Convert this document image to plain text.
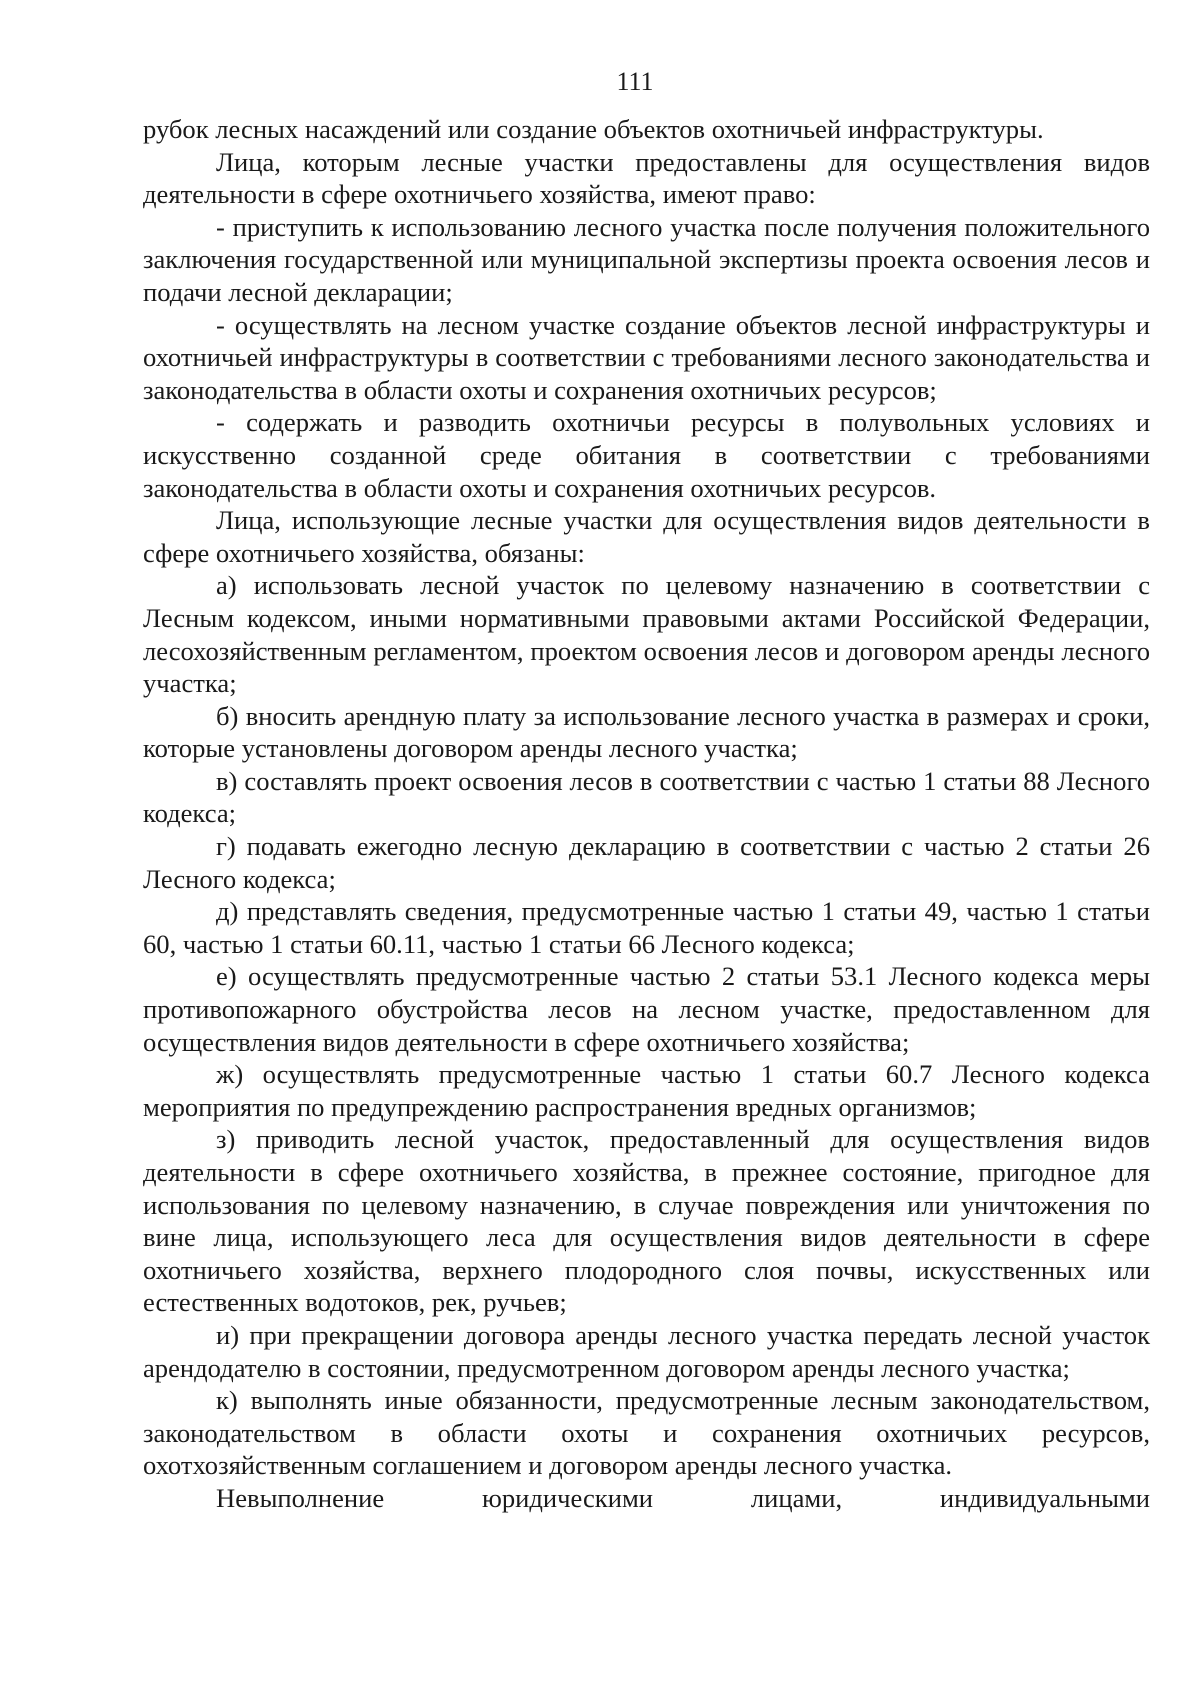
111

рубок лесных насаждений или создание объектов охотничьей инфраструктуры.

Лица, которым лесные участки предоставлены для осуществления видов деятельности в сфере охотничьего хозяйства, имеют право:

- приступить к использованию лесного участка после получения положительного заключения государственной или муниципальной экспертизы проекта освоения лесов и подачи лесной декларации;

- осуществлять на лесном участке создание объектов лесной инфраструктуры и охотничьей инфраструктуры в соответствии с требованиями лесного законодательства и законодательства в области охоты и сохранения охотничьих ресурсов;

- содержать и разводить охотничьи ресурсы в полувольных условиях и искусственно созданной среде обитания в соответствии с требованиями законодательства в области охоты и сохранения охотничьих ресурсов.

Лица, использующие лесные участки для осуществления видов деятельности в сфере охотничьего хозяйства, обязаны:

а) использовать лесной участок по целевому назначению в соответствии с Лесным кодексом, иными нормативными правовыми актами Российской Федерации, лесохозяйственным регламентом, проектом освоения лесов и договором аренды лесного участка;

б) вносить арендную плату за использование лесного участка в размерах и сроки, которые установлены договором аренды лесного участка;

в) составлять проект освоения лесов в соответствии с частью 1 статьи 88 Лесного кодекса;

г) подавать ежегодно лесную декларацию в соответствии с частью 2 статьи 26 Лесного кодекса;

д) представлять сведения, предусмотренные частью 1 статьи 49, частью 1 статьи 60, частью 1 статьи 60.11, частью 1 статьи 66 Лесного кодекса;

е) осуществлять предусмотренные частью 2 статьи 53.1 Лесного кодекса меры противопожарного обустройства лесов на лесном участке, предоставленном для осуществления видов деятельности в сфере охотничьего хозяйства;

ж) осуществлять предусмотренные частью 1 статьи 60.7 Лесного кодекса мероприятия по предупреждению распространения вредных организмов;

з) приводить лесной участок, предоставленный для осуществления видов деятельности в сфере охотничьего хозяйства, в прежнее состояние, пригодное для использования по целевому назначению, в случае повреждения или уничтожения по вине лица, использующего леса для осуществления видов деятельности в сфере охотничьего хозяйства, верхнего плодородного слоя почвы, искусственных или естественных водотоков, рек, ручьев;

и) при прекращении договора аренды лесного участка передать лесной участок арендодателю в состоянии, предусмотренном договором аренды лесного участка;

к) выполнять иные обязанности, предусмотренные лесным законодательством, законодательством в области охоты и сохранения охотничьих ресурсов, охотхозяйственным соглашением и договором аренды лесного участка.

Невыполнение юридическими лицами, индивидуальными
